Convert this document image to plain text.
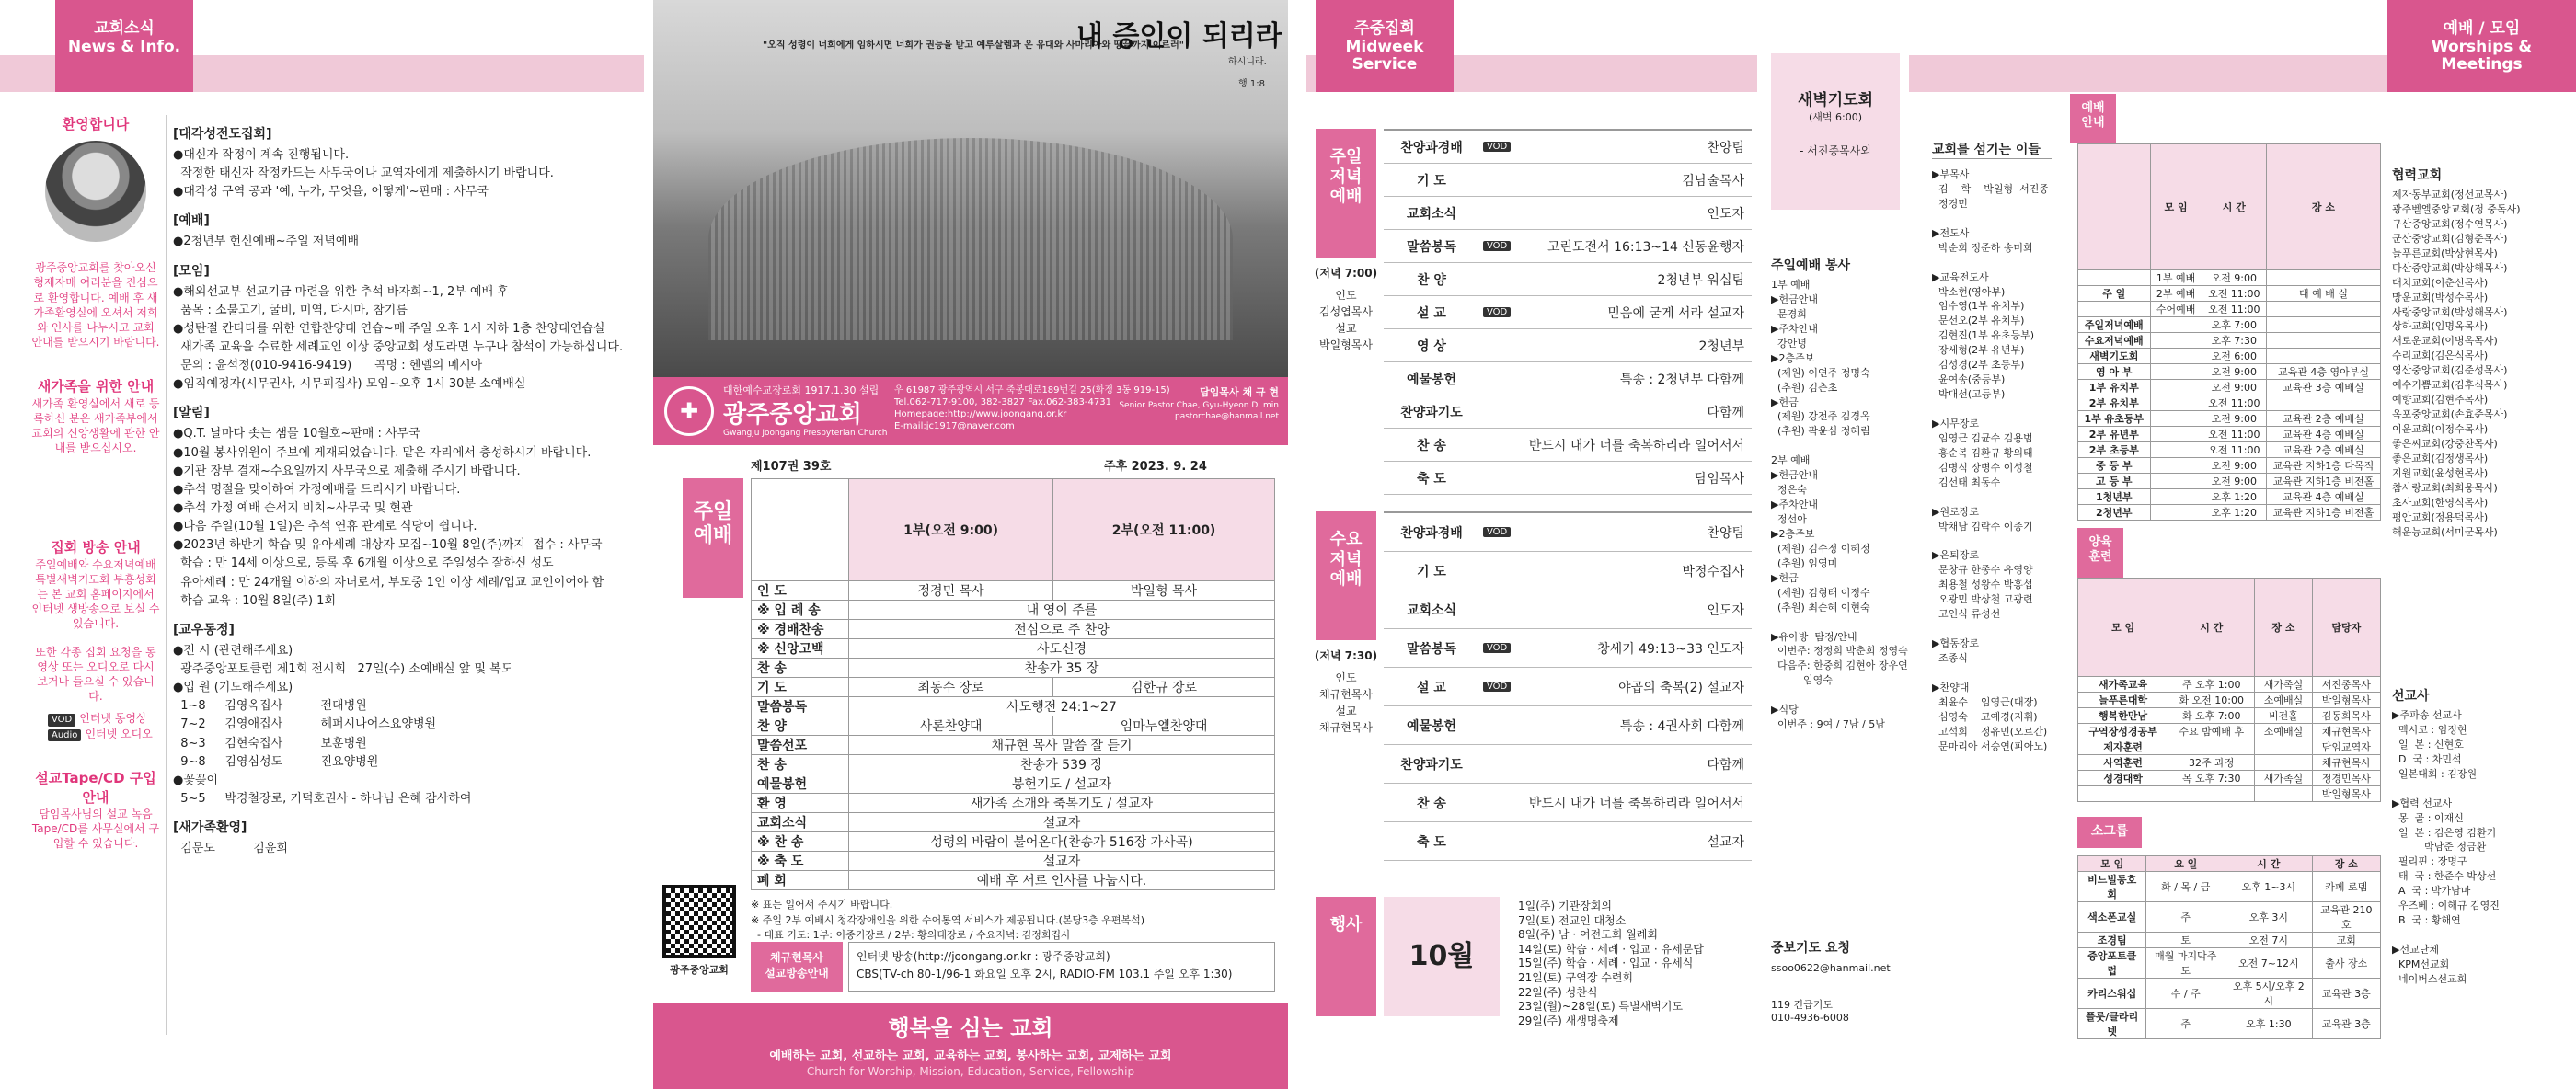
교회소식
News & Info.
환영합니다
광주중앙교회를 찾아오신 형제자매 여러분을 진심으로 환영합니다. 예배 후 새가족환영실에 오셔서 저희와 인사를 나누시고 교회 안내를 받으시기 바랍니다.
새가족을 위한 안내
새가족 환영실에서 새로 등록하신 분은 새가족부에서 교회의 신앙생활에 관한 안내를 받으십시오.
집회 방송 안내
주일예배와 수요저녁예배 특별새벽기도회 부흥성회는 본 교회 홈페이지에서 인터넷 생방송으로 보실 수 있습니다.
또한 각종 집회 요청을 동영상 또는 오디오로 다시 보거나 들으실 수 있습니다.
VOD 인터넷 동영상
Audio 인터넷 오디오
설교Tape/CD 구입안내
담임목사님의 설교 녹음 Tape/CD를 사무실에서 구입할 수 있습니다.
[대각성전도집회]

●대신자 작정이 계속 진행됩니다.

작정한 태신자 작정카드는 사무국이나 교역자에게 제출하시기 바랍니다.

●대각성 구역 공과 '예, 누가, 무엇을, 어떻게'~판매 : 사무국

[예배]

●2청년부 헌신예배~주일 저녁예배

[모임]

●해외선교부 선교기금 마련을 위한 추석 바자회~1, 2부 예배 후

품목 : 소불고기, 굴비, 미역, 다시마, 참기름

●성탄절 칸타타를 위한 연합찬양대 연습~매 주일 오후 1시 지하 1층 찬양대연습실

새가족 교육을 수료한 세례교인 이상 중앙교회 성도라면 누구나 참석이 가능하십니다.

문의 : 윤석정(010-9416-9419)      곡명 : 헨델의 메시아

●임직예정자(시무권사, 시무피집사) 모임~오후 1시 30분 소예배실

[알림]

●Q.T. 날마다 솟는 샘물 10월호~판매 : 사무국

●10월 봉사위원이 주보에 게재되었습니다. 맡은 자리에서 충성하시기 바랍니다.

●기관 장부 결재~수요일까지 사무국으로 제출해 주시기 바랍니다.

●추석 명절을 맞이하여 가정예배를 드리시기 바랍니다.

●추석 가정 예배 순서지 비치~사무국 및 현관

●다음 주일(10월 1일)은 추석 연휴 관계로 식당이 쉽니다.

●2023년 하반기 학습 및 유아세례 대상자 모집~10월 8일(주)까지  접수 : 사무국

학습 : 만 14세 이상으로, 등록 후 6개월 이상으로 주일성수 잘하신 성도

유아세례 : 만 24개월 이하의 자녀로서, 부모중 1인 이상 세례/입교 교인이어야 함

학습 교육 : 10월 8일(주) 1회

[교우동정]

●전 시 (관련해주세요)

광주중앙포토클럽 제1회 전시회   27일(수) 소예배실 앞 및 복도

●입 원 (기도해주세요)

1~8     김영옥집사          전대병원

7~2     김영애집사          헤퍼시나어스요양병원

8~3     김현숙집사          보훈병원

9~8     김영심성도          진요양병원

●꽃꽂이

5~5     박경철장로, 기덕호권사 - 하나님 은혜 감사하여

[새가족환영]

김문도          김윤희

"오직 성령이 너희에게 임하시면 너희가 권능을 받고 예루살렘과 온 유대와 사마리아와 땅끝까지 이르러"
내 증인이 되리라
하시니라.
행 1:8
✚
대한예수교장로회 1917.1.30 설립
광주중앙교회
Gwangju Joongang Presbyterian Church
우 61987 광주광역시 서구 죽봉대로189번길 25(화정 3동 919-15)
Tel.062-717-9100, 382-3827 Fax.062-383-4731
Homepage:http://www.joongang.or.kr
E-mail:jc1917@naver.com
담임목사 채 규 현
Senior Pastor Chae, Gyu-Hyeon D. min
pastorchae@hanmail.net
제107권 39호	주후 2023. 9. 24
주일
예배
		1부(오전 9:00)	2부(오전 11:00)
인 도	정경민 목사	박일형 목사
※ 입 례 송	내 영이 주를	
※ 경배찬송	전심으로 주 찬양	
※ 신앙고백	사도신경	
찬 송	찬송가 35 장	
기 도	최동수 장로	김한규 장로
말씀봉독	사도행전 24:1~27	
찬 양	사론찬양대	임마누엘찬양대
말씀선포	채규현 목사 말씀 잘 듣기	
찬 송	찬송가 539 장	
예물봉헌	봉헌기도 / 설교자	
환 영	새가족 소개와 축복기도 / 설교자	
교회소식	설교자	
※ 찬 송	성령의 바람이 불어온다(찬송가 516장 가사곡)	
※ 축 도	설교자	
폐 회	예배 후 서로 인사를 나눕시다.	
※ 표는 일어서 주시기 바랍니다.
※ 주일 2부 예배시 청각장애인을 위한 수어통역 서비스가 제공됩니다.(본당3층 우편복석)
- 대표 기도: 1부: 이종기장로 / 2부: 황의태장로 / 수요저녁: 김정희집사
광주중앙교회
채규현목사
설교방송안내
인터넷 방송(http://joongang.or.kr : 광주중앙교회)
CBS(TV-ch 80-1/96-1 화요일 오후 2시, RADIO-FM 103.1 주일 오후 1:30)
행복을 심는 교회
예배하는 교회, 선교하는 교회, 교육하는 교회, 봉사하는 교회, 교제하는 교회
Church for Worship, Mission, Education, Service, Fellowship
주중집회
Midweek
Service
주일
저녁
예배
(저녁 7:00)
인도
김성엽목사
설교
박일형목사
찬양과경배	VOD	찬양팀
기 도	김남술목사
교회소식	인도자
말씀봉독	VOD	고린도전서 16:13~14 신동윤행자
찬 양	2청년부 워십팀
설 교	VOD	믿음에 굳게 서라 설교자
영 상	2청년부
예물봉헌	특송 : 2청년부 다함께
찬양과기도	다함께
찬 송	반드시 내가 너를 축복하리라 일어서서
축 도	담임목사
수요
저녁
예배
(저녁 7:30)
인도
채규현목사
설교
채규현목사
찬양과경배	VOD	찬양팀
기 도	박정수집사
교회소식	인도자
말씀봉독	VOD	창세기 49:13~33 인도자
설 교	VOD	야곱의 축복(2) 설교자
예물봉헌	특송 : 4권사회 다함께
찬양과기도	다함께
찬 송	반드시 내가 너를 축복하리라 일어서서
축 도	설교자
행사
10월
1일(주) 기관장회의
7일(토) 전교인 대청소
8일(주) 남 · 여전도회 월례회
14일(토) 학습 · 세례 · 입교 · 유세문답
15일(주) 학습 · 세례 · 입교 · 유세식
21일(토) 구역장 수련회
22일(주) 성찬식
23일(월)~28일(토) 특별새벽기도
29일(주) 새생명축제
새벽기도회
(새벽 6:00)
- 서진종목사외
주일예배 봉사
1부 예배
▶헌금안내
문경희
▶주차안내
강안녕
▶2층주보
(제원) 이연주 정명숙
(추원) 김춘초
▶헌금
(제원) 강전주 김경옥
(추원) 곽윤심 정혜림

2부 예배
▶헌금안내
정은숙
▶주차안내
정선아
▶2층주보
(제원) 김수정 이혜정
(추원) 임영미
▶헌금
(제원) 김형태 이정수
(추원) 최순혜 이현숙

▶유아방  탐정/안내
이번주: 정정희 박춘희 정영숙
다음주: 한중희 김현아 장우연
임영숙

▶식당
이번주 : 9여 / 7남 / 5남
중보기도 요청
ssoo0622@hanmail.net
119 긴급기도
010-4936-6008
교회를 섬기는 이들
▶부목사
김    학    박일형  서진종
정경민

▶전도사
박순희 정준하 송미희

▶교육전도사
박소현(영아부)
임수영(1부 유치부)
문선오(2부 유치부)
김현진(1부 유초등부)
장세형(2부 유년부)
김성경(2부 초등부)
윤여송(중등부)
박대선(고등부)

▶시무장로
임영근 김균수 김용범
홍순복 김환규 황의태
김병식 장병수 이성철
김선태 최동수

▶원로장로
박채남 김락수 이종기

▶은퇴장로
문창규 한종수 유영양
최용철 성왕수 박홍섭
오광민 박상철 고광련
고인식 류성선

▶협동장로
조종식

▶찬양대
최윤수    임영근(대장)
심영숙    고예경(지휘)
고석희    정유민(오르간)
문마리아 서승연(피아노)
예배 / 모임
Worships &
Meetings
예배
안내
	모 임	시 간	장 소
	1부 예배	오전 9:00	
주 일	2부 예배	오전 11:00	대 예 배 실
	수어예배	오전 11:00	
주일저녁예배		오후 7:00	
수요저녁예배		오후 7:30	
새벽기도회		오전 6:00	
영 아 부		오전 9:00	교육관 4층 영아부실
1부 유치부		오전 9:00	교육관 3층 예배실
2부 유치부		오전 11:00	
1부 유초등부		오전 9:00	교육관 2층 예배실
2부 유년부		오전 11:00	교육관 4층 예배실
2부 초등부		오전 11:00	교육관 2층 예배실
중 등 부		오전 9:00	교육관 지하1층 다목적
고 등 부		오전 9:00	교육관 지하1층 비전홀
1청년부		오후 1:20	교육관 4층 예배실
2청년부		오후 1:20	교육관 지하1층 비전홀
양육
훈련
모 임	시 간	장 소	담당자
새가족교육	주 오후 1:00	새가족실	서진종목사
늘푸른대학	화 오전 10:00	소예배실	박일형목사
행복한만남	화 오후 7:00	비전홀	김동희목사
구역장성경공부	수요 밤예배 후	소예배실	채규현목사
제자훈련			담임교역자
사역훈련	32주 과정		채규현목사
성경대학	목 오후 7:30	새가족실	정경민목사
			박일형목사
소그룹
모 임	요 일	시 간	장 소
비느빌동호회	화 / 목 / 금	오후 1~3시	카페 로뎀
색소폰교실	주	오후 3시	교육관 210호
조경팀	토	오전 7시	교회
중앙포토클럽	매월 마지막주 토	오전 7~12시	출사 장소
카리스워십	수 / 주	오후 5시/오후 2시	교육관 3층
플룻/클라리넷	주	오후 1:30	교육관 3층
협력교회
제자동부교회(정선교목사)
광주벧엘중앙교회(정 중독사)
구산중앙교회(정수연목사)
군산중앙교회(김형준목사)
늘푸른교회(박상현목사)
다산중앙교회(박상해목사)
대치교회(이춘선목사)
망운교회(박성수목사)
사랑중앙교회(박성해목사)
상하교회(임명옥목사)
새로운교회(이병옥목사)
수리교회(김은식목사)
영산중앙교회(김준성목사)
예수기쁨교회(김후식목사)
예향교회(김현주목사)
옥포중앙교회(손효준목사)
이운교회(이정수목사)
좋은씨교회(강중찬목사)
좋은교회(김정생목사)
지원교회(윤성현목사)
참사랑교회(최희웅목사)
초사교회(한영식목사)
평안교회(정용덕목사)
해운능교회(서미군목사)
선교사
▶주파송 선교사
멕시코 : 임정현
일  본 : 신현호
D  국 : 차민석
일본대회 : 김장원

▶협력 선교사
몽  골 : 이재신
일  본 : 김은영 김환기
박남준 정금환
필리핀 : 장명구
태  국 : 한준수 박상선
A  국 : 박가남마
우즈베 : 이해규 김영진
B  국 : 황해연

▶선교단체
KPM선교회
네이버스선교회
